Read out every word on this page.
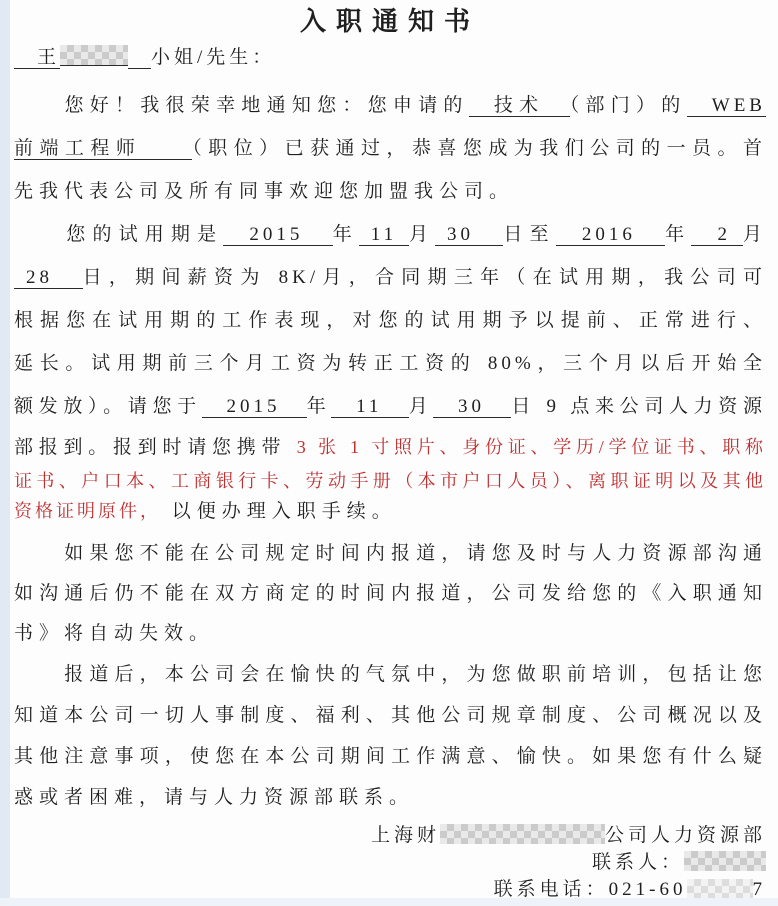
入职通知书
　王　	小姐/先生：
　　您好！我很荣幸地通知您：您申请的　技术　（部门）的　WEB
前端工程师　　（职位）已获通过，恭喜您成为我们公司的一员。首
先我代表公司及所有同事欢迎您加盟我公司。
　　您的试用期是　2015　年 11 月 30　日至　2016　年　2 月
28　日，期间薪资为 8K/月，合同期三年（在试用期，我公司可
根据您在试用期的工作表现，对您的试用期予以提前、正常进行、
延长。试用期前三个月工资为转正工资的 80%，三个月以后开始全
额发放）。请您于　2015　年　11　月　30　日 9 点来公司人力资源
部报到。报到时请您携带 3 张 1 寸照片、身份证、学历/学位证书、职称
证书、户口本、工商银行卡、劳动手册（本市户口人员）、离职证明以及其他
资格证明原件， 以便办理入职手续。
　　如果您不能在公司规定时间内报道，请您及时与人力资源部沟通
如沟通后仍不能在双方商定的时间内报道，公司发给您的《入职通知
书》将自动失效。
　　报道后，本公司会在愉快的气氛中，为您做职前培训，包括让您
知道本公司一切人事制度、福利、其他公司规章制度、公司概况以及
其他注意事项，使您在本公司期间工作满意、愉快。如果您有什么疑
惑或者困难，请与人力资源部联系。
上海财	公司人力资源部
联系人：
联系电话：021-60	7
